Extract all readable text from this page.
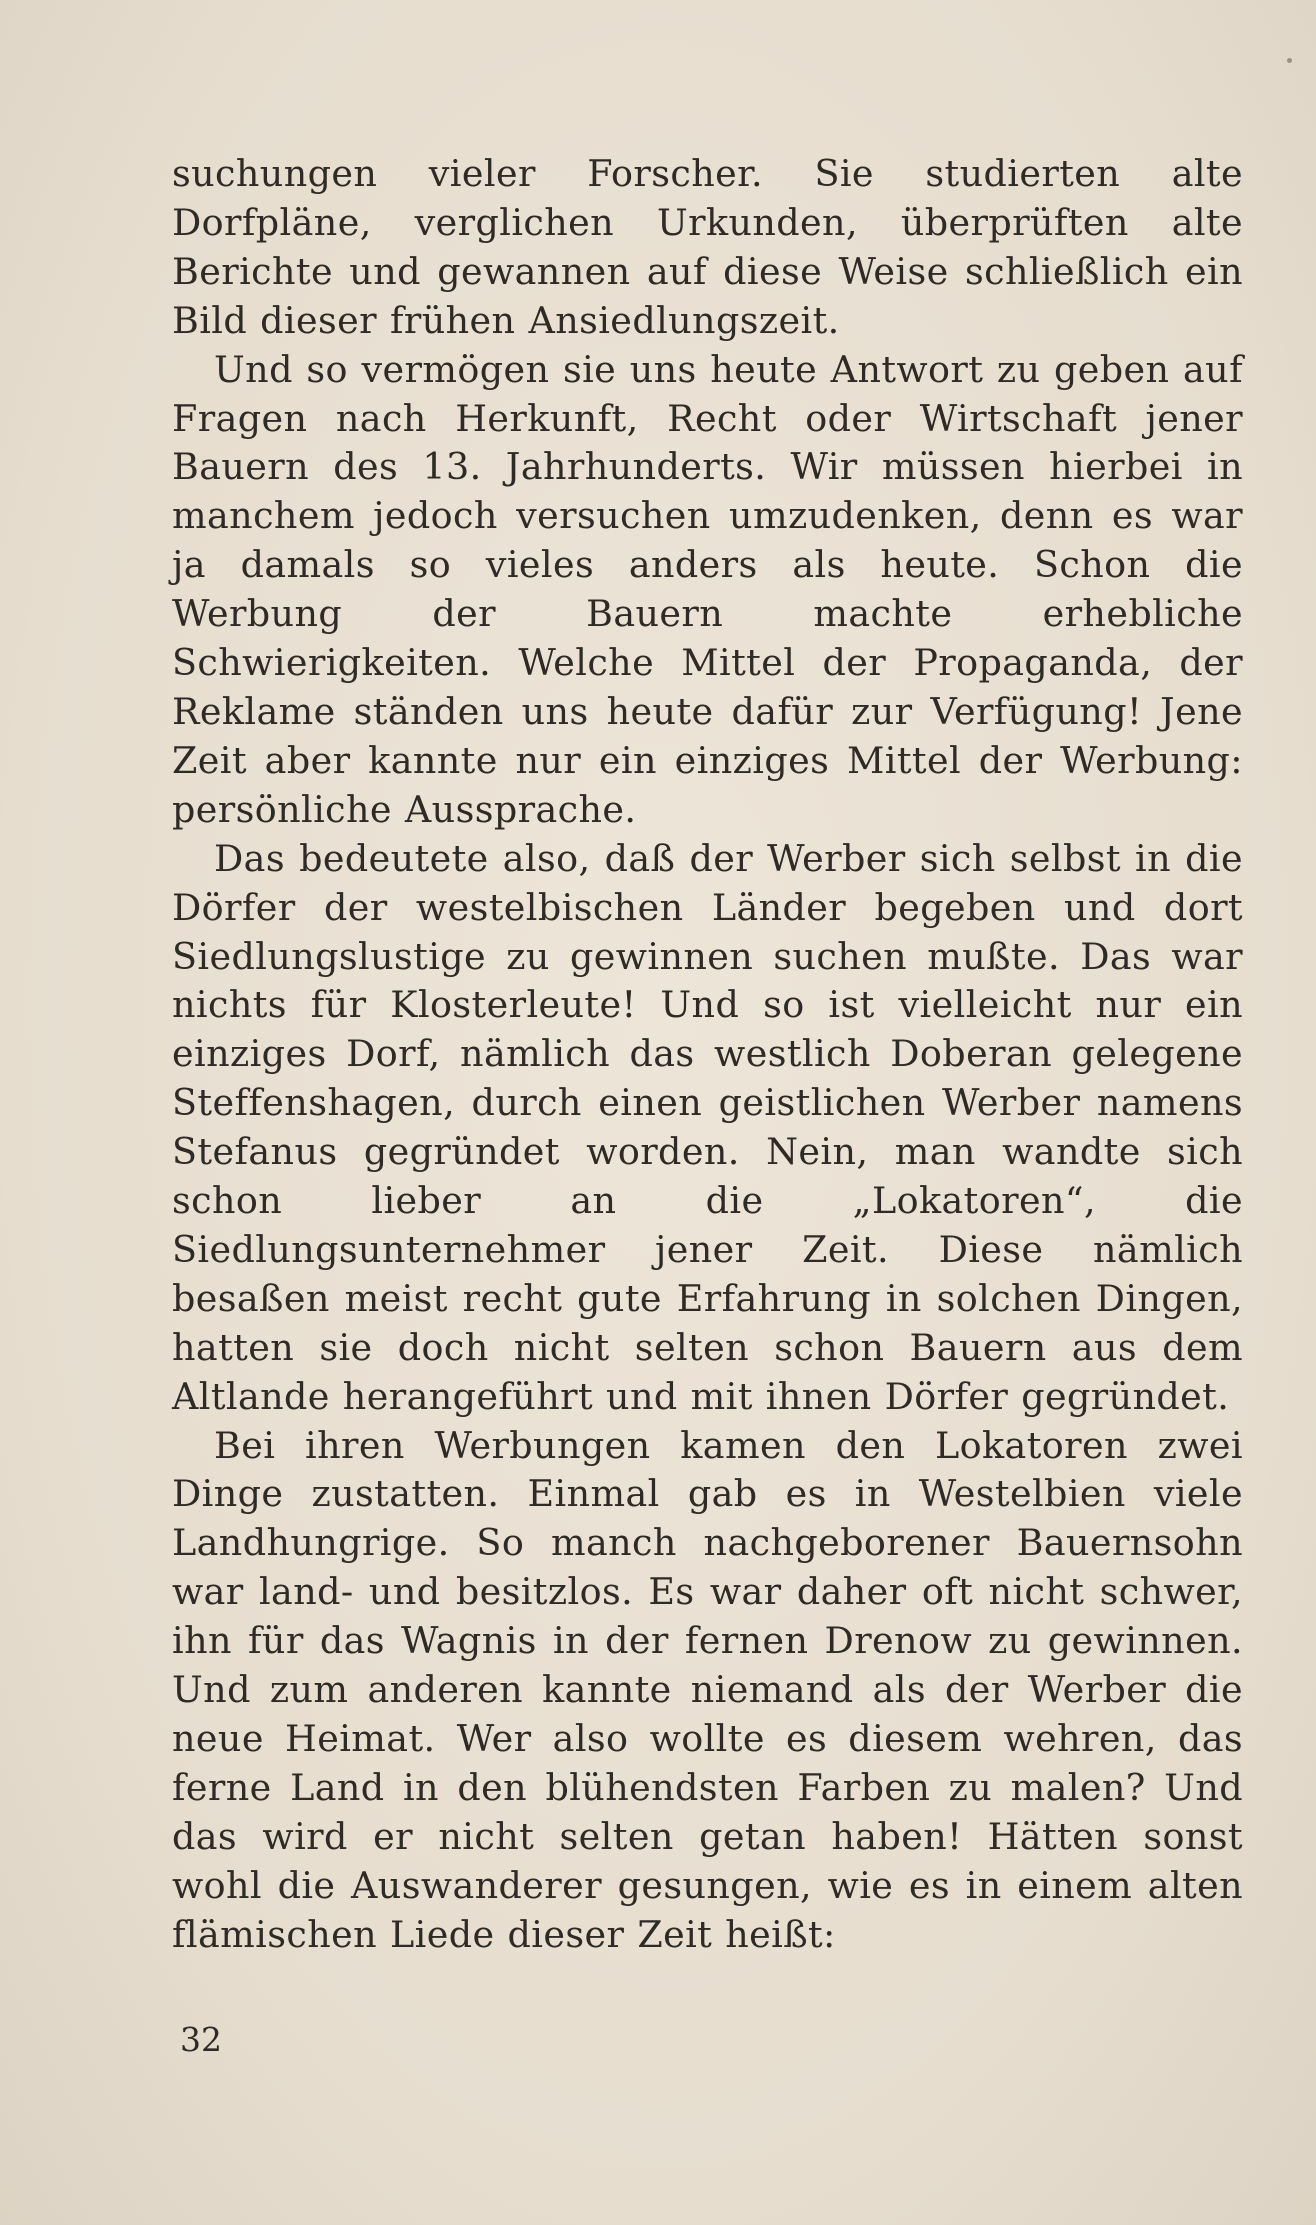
suchungen vieler Forscher. Sie studierten alte Dorfpläne, verglichen Urkunden, überprüften alte Berichte und gewannen auf diese Weise schließlich ein Bild dieser frühen Ansiedlungszeit.

Und so vermögen sie uns heute Antwort zu geben auf Fragen nach Herkunft, Recht oder Wirtschaft jener Bauern des 13. Jahrhunderts. Wir müssen hierbei in manchem jedoch versuchen umzudenken, denn es war ja damals so vieles anders als heute. Schon die Werbung der Bauern machte erhebliche Schwierigkeiten. Welche Mittel der Propaganda, der Reklame ständen uns heute dafür zur Verfügung! Jene Zeit aber kannte nur ein einziges Mittel der Werbung: persönliche Aussprache.

Das bedeutete also, daß der Werber sich selbst in die Dörfer der westelbischen Länder begeben und dort Siedlungslustige zu gewinnen suchen mußte. Das war nichts für Klosterleute! Und so ist vielleicht nur ein einziges Dorf, nämlich das westlich Doberan gelegene Steffenshagen, durch einen geistlichen Werber namens Stefanus gegründet worden. Nein, man wandte sich schon lieber an die „Lokatoren“, die Siedlungsunternehmer jener Zeit. Diese nämlich besaßen meist recht gute Erfahrung in solchen Dingen, hatten sie doch nicht selten schon Bauern aus dem Altlande herangeführt und mit ihnen Dörfer gegründet.

Bei ihren Werbungen kamen den Lokatoren zwei Dinge zustatten. Einmal gab es in Westelbien viele Landhungrige. So manch nachgeborener Bauernsohn war land- und besitzlos. Es war daher oft nicht schwer, ihn für das Wagnis in der fernen Drenow zu gewinnen. Und zum anderen kannte niemand als der Werber die neue Heimat. Wer also wollte es diesem wehren, das ferne Land in den blühendsten Farben zu malen? Und das wird er nicht selten getan haben! Hätten sonst wohl die Auswanderer gesungen, wie es in einem alten flämischen Liede dieser Zeit heißt:

32
